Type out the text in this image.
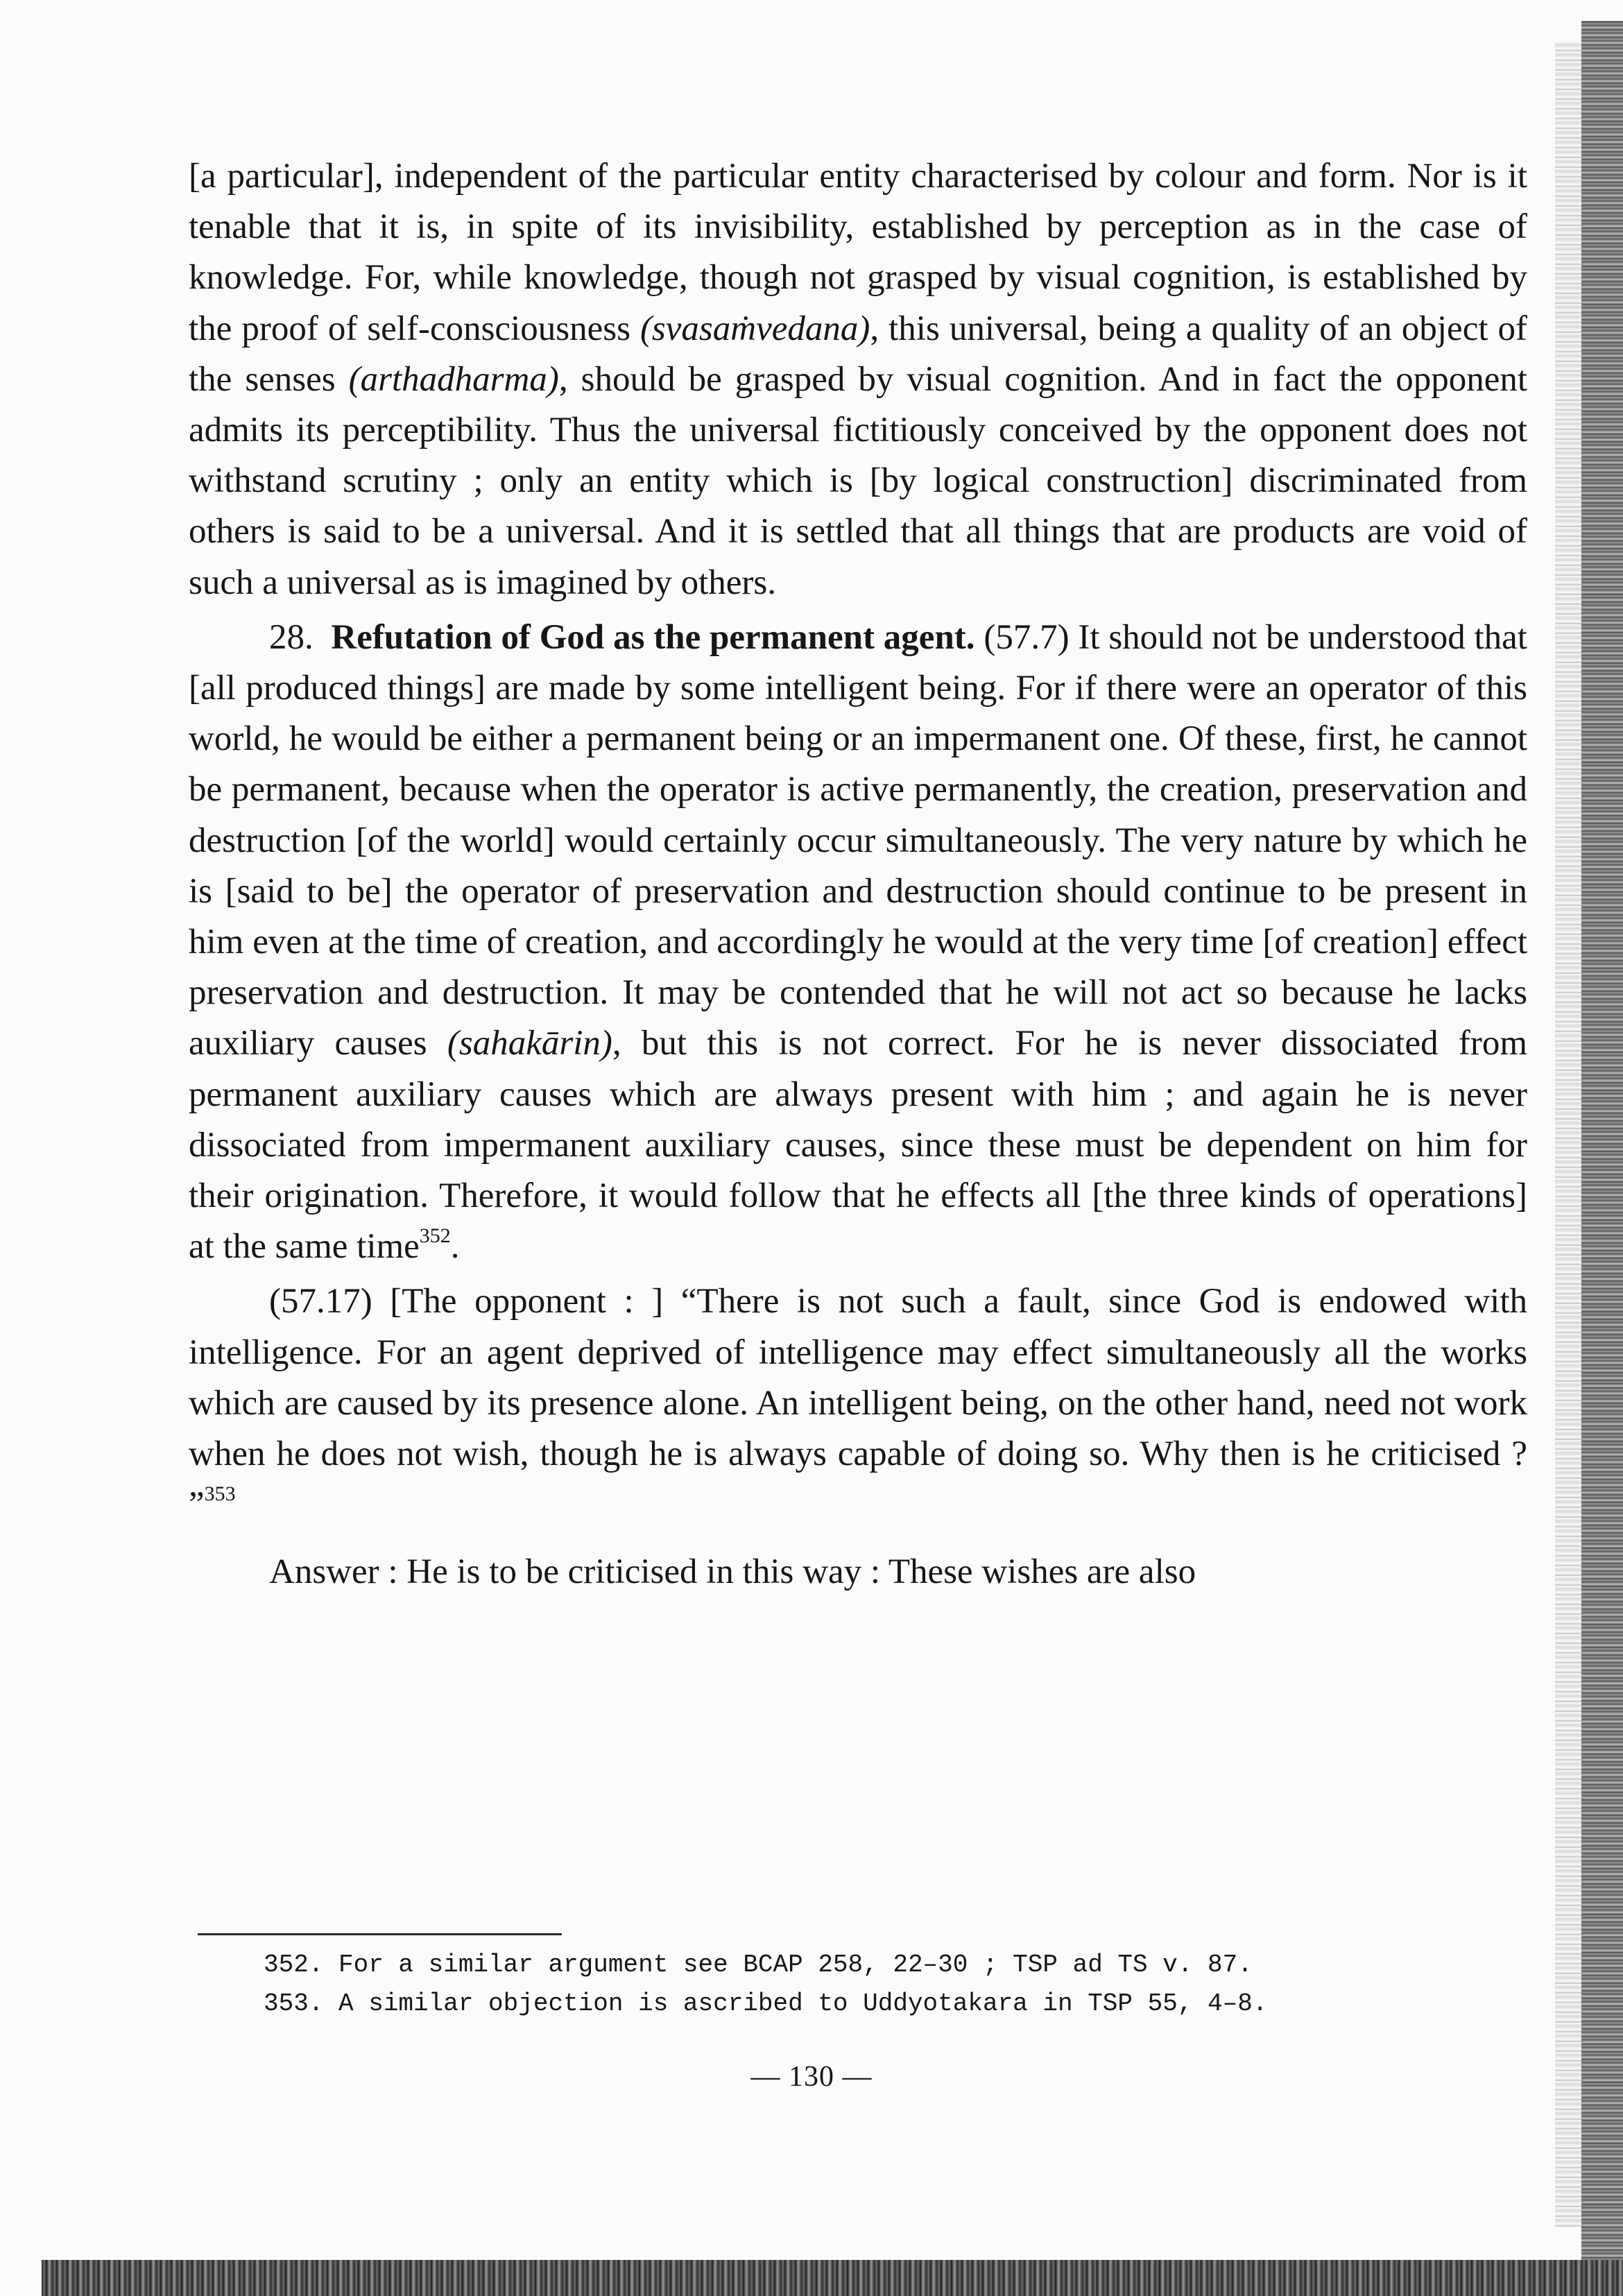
[a particular], independent of the particular entity characterised by colour and form. Nor is it tenable that it is, in spite of its invisibility, established by perception as in the case of knowledge. For, while knowledge, though not grasped by visual cognition, is established by the proof of self-consciousness (svasaṁvedana), this universal, being a quality of an object of the senses (arthadharma), should be grasped by visual cognition. And in fact the opponent admits its perceptibility. Thus the universal fictitiously conceived by the opponent does not withstand scrutiny ; only an entity which is [by logical construction] discriminated from others is said to be a universal. And it is settled that all things that are products are void of such a universal as is imagined by others.

28. Refutation of God as the permanent agent. (57.7) It should not be understood that [all produced things] are made by some intelligent being. For if there were an operator of this world, he would be either a permanent being or an impermanent one. Of these, first, he cannot be permanent, because when the operator is active permanently, the creation, preservation and destruction [of the world] would certainly occur simultaneously. The very nature by which he is [said to be] the operator of preservation and destruction should continue to be present in him even at the time of creation, and accordingly he would at the very time [of creation] effect preservation and destruction. It may be contended that he will not act so because he lacks auxiliary causes (sahakārin), but this is not correct. For he is never dissociated from permanent auxiliary causes which are always present with him ; and again he is never dissociated from impermanent auxiliary causes, since these must be dependent on him for their origination. Therefore, it would follow that he effects all [the three kinds of operations] at the same time$^{352}$.

(57.17) [The opponent : ] “There is not such a fault, since God is endowed with intelligence. For an agent deprived of intelligence may effect simultaneously all the works which are caused by its presence alone. An intelligent being, on the other hand, need not work when he does not wish, though he is always capable of doing so. Why then is he criticised ? ”$^{353}$

Answer : He is to be criticised in this way : These wishes are also

352. For a similar argument see BCAP 258, 22–30 ; TSP ad TS v. 87.
353. A similar objection is ascribed to Uddyotakara in TSP 55, 4–8.
— 130 —
